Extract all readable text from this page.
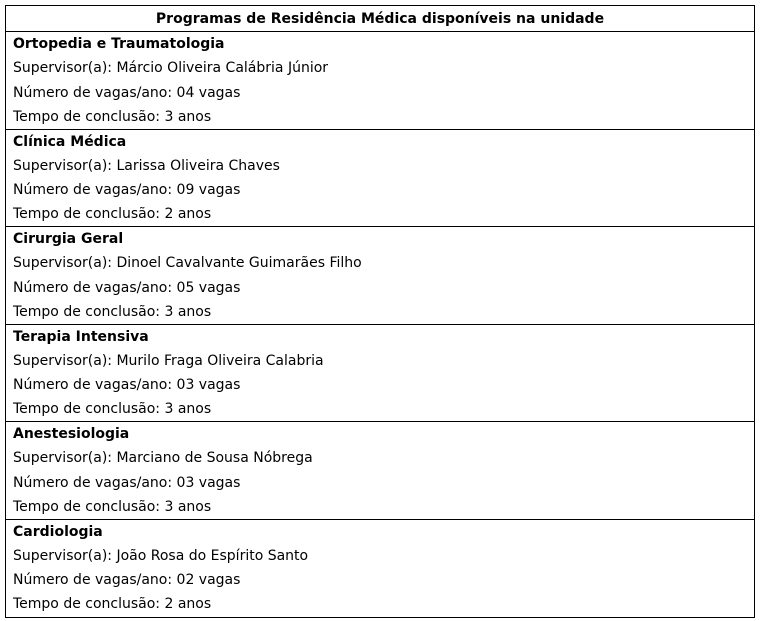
Programas de Residência Médica disponíveis na unidade
Ortopedia e Traumatologia
Supervisor(a): Márcio Oliveira Calábria Júnior
Número de vagas/ano: 04 vagas
Tempo de conclusão: 3 anos
Clínica Médica
Supervisor(a): Larissa Oliveira Chaves
Número de vagas/ano: 09 vagas
Tempo de conclusão: 2 anos
Cirurgia Geral
Supervisor(a): Dinoel Cavalvante Guimarães Filho
Número de vagas/ano: 05 vagas
Tempo de conclusão: 3 anos
Terapia Intensiva
Supervisor(a): Murilo Fraga Oliveira Calabria
Número de vagas/ano: 03 vagas
Tempo de conclusão: 3 anos
Anestesiologia
Supervisor(a): Marciano de Sousa Nóbrega
Número de vagas/ano: 03 vagas
Tempo de conclusão: 3 anos
Cardiologia
Supervisor(a): João Rosa do Espírito Santo
Número de vagas/ano: 02 vagas
Tempo de conclusão: 2 anos
